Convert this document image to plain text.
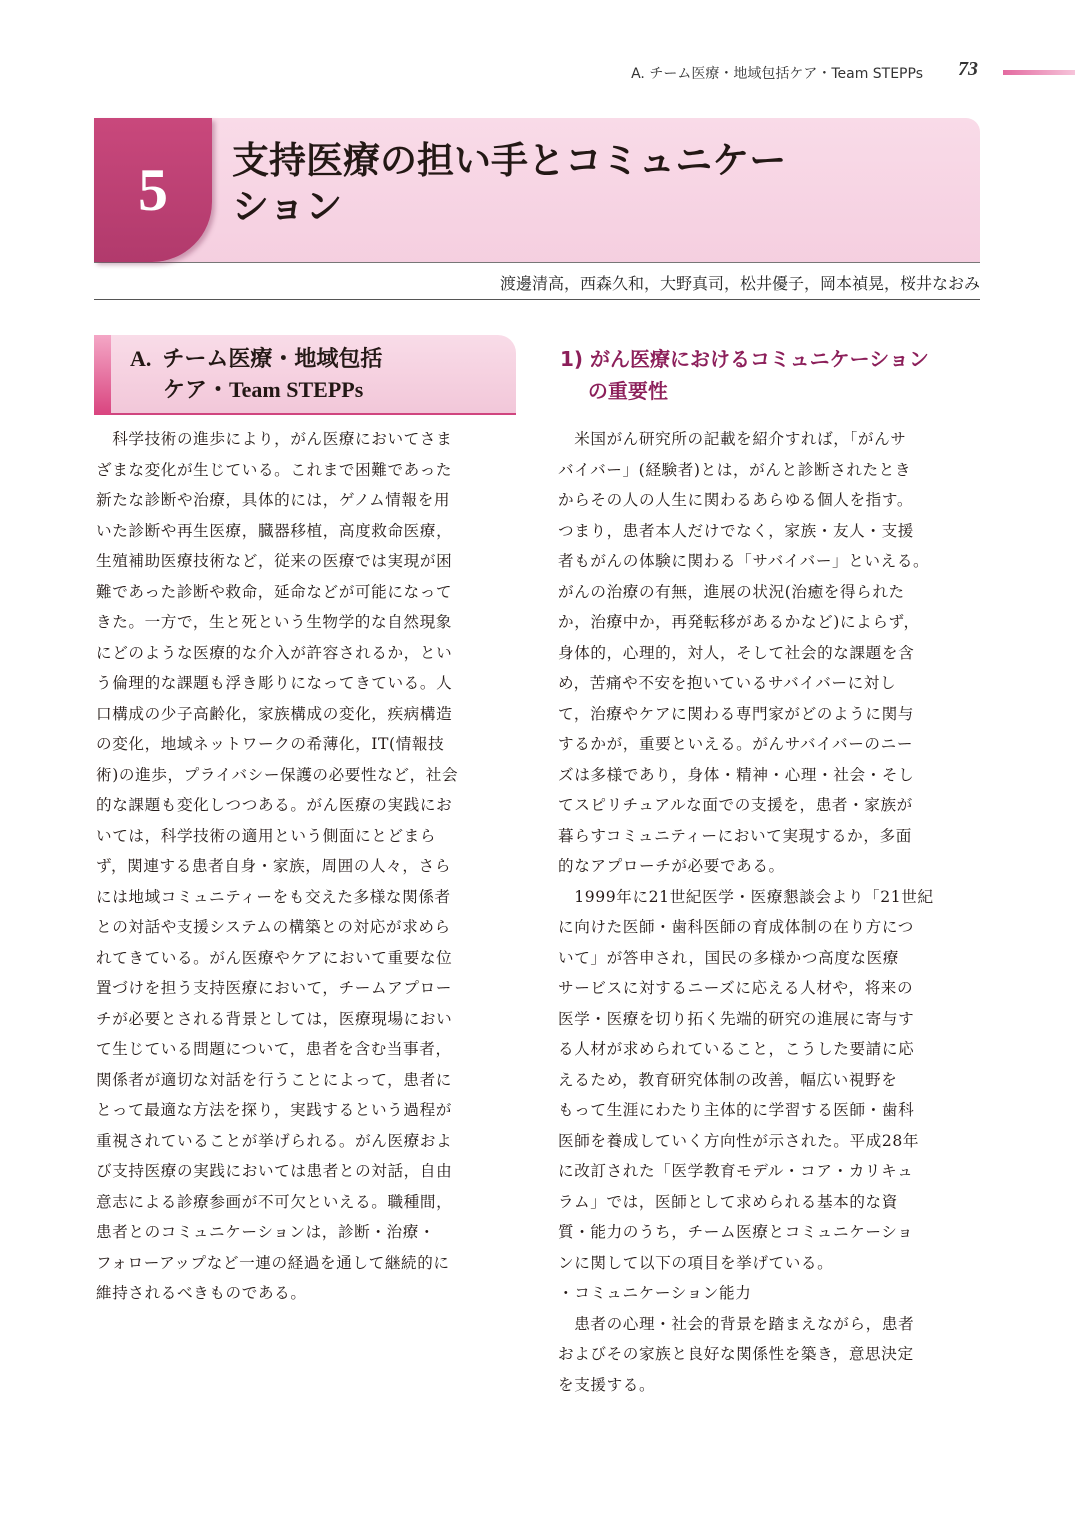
A. チーム医療・地域包括ケア・Team STEPPs 73
5	支持医療の担い手とコミュニケー
ション
渡邊清高，西森久和，大野真司，松井優子，岡本禎晃，桜井なおみ
A.  チーム医療・地域包括
ケア・Team STEPPs
1) がん医療におけるコミュニケーション
の重要性

　科学技術の進歩により，がん医療においてさま
ざまな変化が生じている。これまで困難であった
新たな診断や治療，具体的には，ゲノム情報を用
いた診断や再生医療，臓器移植，高度救命医療，
生殖補助医療技術など，従来の医療では実現が困
難であった診断や救命，延命などが可能になって
きた。一方で，生と死という生物学的な自然現象
にどのような医療的な介入が許容されるか，とい
う倫理的な課題も浮き彫りになってきている。人
口構成の少子高齢化，家族構成の変化，疾病構造
の変化，地域ネットワークの希薄化，IT(情報技
術)の進歩，プライバシー保護の必要性など，社会
的な課題も変化しつつある。がん医療の実践にお
いては，科学技術の適用という側面にとどまら
ず，関連する患者自身・家族，周囲の人々，さら
には地域コミュニティーをも交えた多様な関係者
との対話や支援システムの構築との対応が求めら
れてきている。がん医療やケアにおいて重要な位
置づけを担う支持医療において，チームアプロー
チが必要とされる背景としては，医療現場におい
て生じている問題について，患者を含む当事者，
関係者が適切な対話を行うことによって，患者に
とって最適な方法を探り，実践するという過程が
重視されていることが挙げられる。がん医療およ
び支持医療の実践においては患者との対話，自由
意志による診療参画が不可欠といえる。職種間，
患者とのコミュニケーションは，診断・治療・
フォローアップなど一連の経過を通して継続的に
維持されるべきものである。

　米国がん研究所の記載を紹介すれば，「がんサ
バイバー」(経験者)とは，がんと診断されたとき
からその人の人生に関わるあらゆる個人を指す。
つまり，患者本人だけでなく，家族・友人・支援
者もがんの体験に関わる「サバイバー」といえる。
がんの治療の有無，進展の状況(治癒を得られた
か，治療中か，再発転移があるかなど)によらず，
身体的，心理的，対人，そして社会的な課題を含
め，苦痛や不安を抱いているサバイバーに対し
て，治療やケアに関わる専門家がどのように関与
するかが，重要といえる。がんサバイバーのニー
ズは多様であり，身体・精神・心理・社会・そし
てスピリチュアルな面での支援を，患者・家族が
暮らすコミュニティーにおいて実現するか，多面
的なアプローチが必要である。
　1999年に21世紀医学・医療懇談会より「21世紀
に向けた医師・歯科医師の育成体制の在り方につ
いて」が答申され，国民の多様かつ高度な医療
サービスに対するニーズに応える人材や，将来の
医学・医療を切り拓く先端的研究の進展に寄与す
る人材が求められていること，こうした要請に応
えるため，教育研究体制の改善，幅広い視野を
もって生涯にわたり主体的に学習する医師・歯科
医師を養成していく方向性が示された。平成28年
に改訂された「医学教育モデル・コア・カリキュ
ラム」では，医師として求められる基本的な資
質・能力のうち，チーム医療とコミュニケーショ
ンに関して以下の項目を挙げている。
・コミュニケーション能力
　患者の心理・社会的背景を踏まえながら，患者
およびその家族と良好な関係性を築き，意思決定
を支援する。
